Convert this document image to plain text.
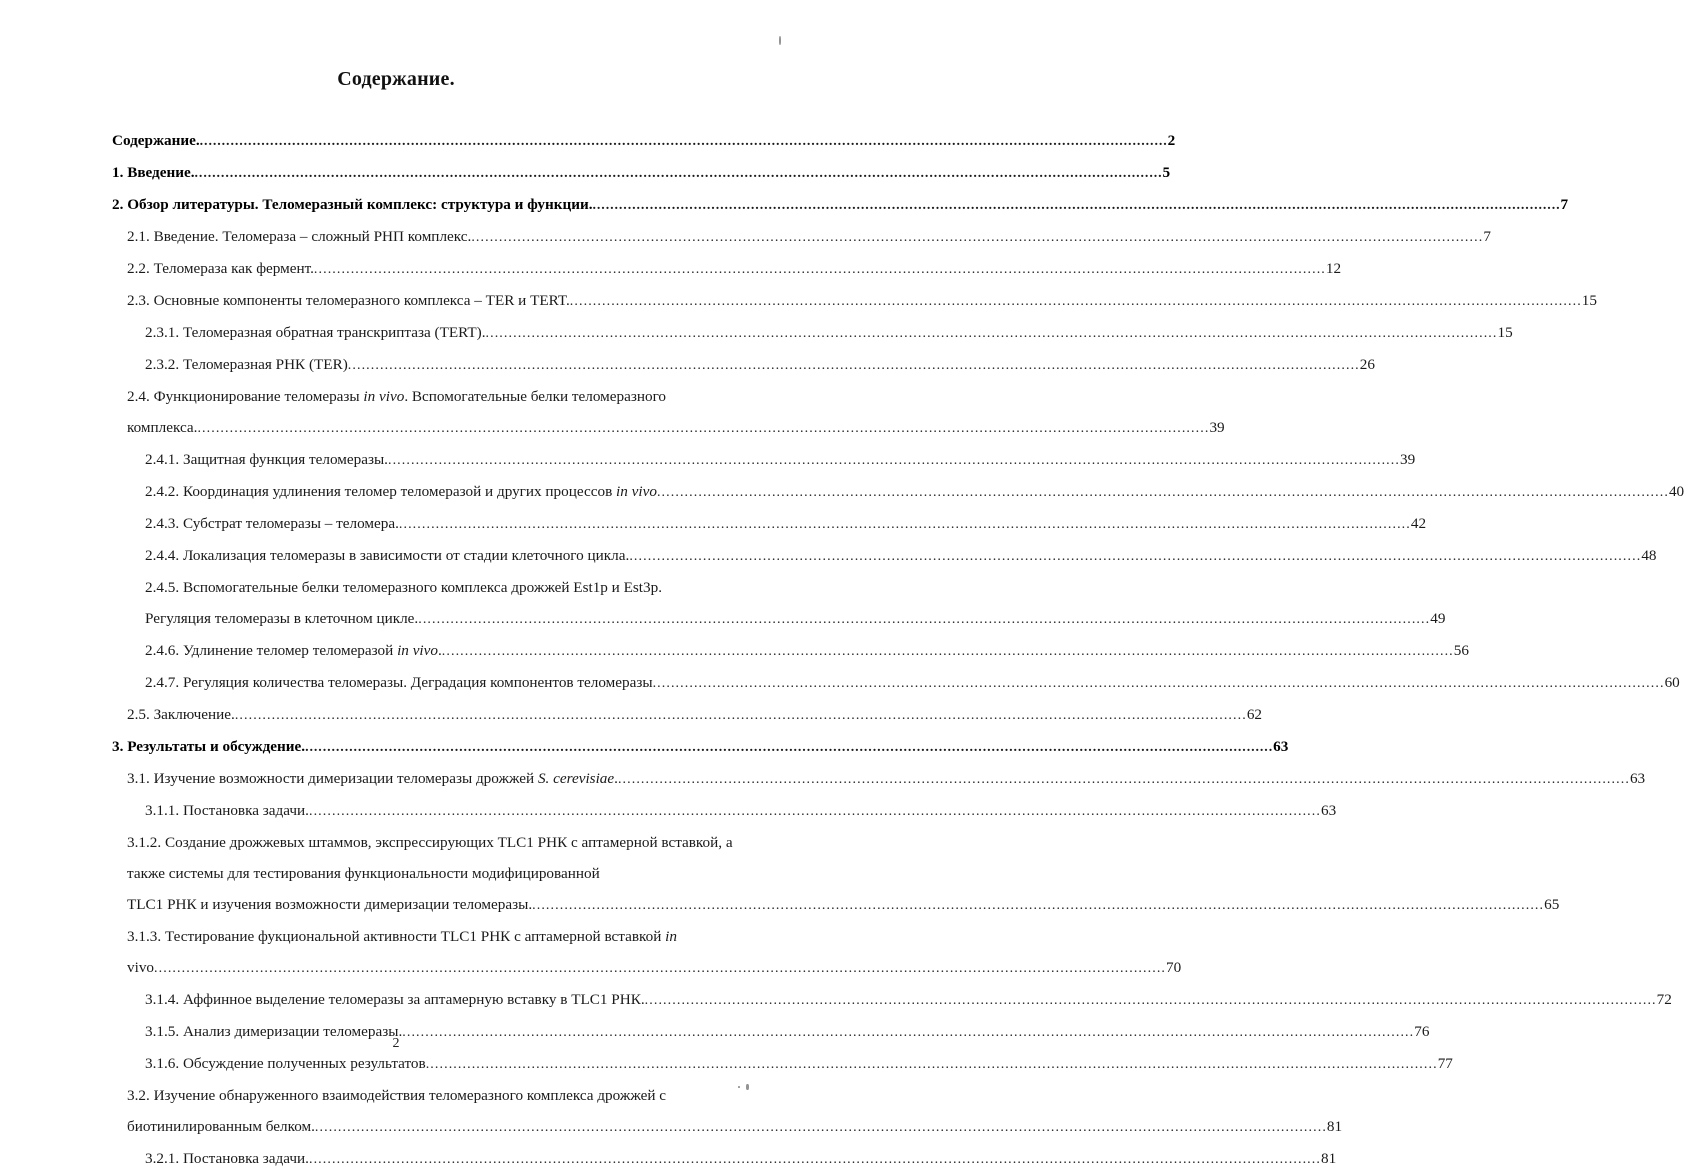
Содержание.
Содержание. ............................................................................................................................................................................................................................ 2
1. Введение. ............................................................................................................................................................................................................................ 5
2. Обзор литературы. Теломеразный комплекс: структура и функции. ............................................................................................................................................................................................................................ 7
2.1. Введение. Теломераза – сложный РНП комплекс. ............................................................................................................................................................................................................................ 7
2.2. Теломераза как фермент. ............................................................................................................................................................................................................................ 12
2.3. Основные компоненты теломеразного комплекса – TER и TERT. ............................................................................................................................................................................................................................ 15
2.3.1. Теломеразная обратная транскриптаза (TERT). ............................................................................................................................................................................................................................ 15
2.3.2. Теломеразная РНК (TER) ............................................................................................................................................................................................................................ 26
2.4. Функционирование теломеразы in vivo. Вспомогательные белки теломеразного
комплекса. ............................................................................................................................................................................................................................ 39
2.4.1. Защитная функция теломеразы. ............................................................................................................................................................................................................................ 39
2.4.2. Координация удлинения теломер теломеразой и других процессов in vivo ............................................................................................................................................................................................................................ 40
2.4.3. Субстрат теломеразы – теломера. ............................................................................................................................................................................................................................ 42
2.4.4. Локализация теломеразы в зависимости от стадии клеточного цикла. ............................................................................................................................................................................................................................ 48
2.4.5. Вспомогательные белки теломеразного комплекса дрожжей Est1p и Est3p.
Регуляция теломеразы в клеточном цикле. ............................................................................................................................................................................................................................ 49
2.4.6. Удлинение теломер теломеразой in vivo. ............................................................................................................................................................................................................................ 56
2.4.7. Регуляция количества теломеразы. Деградация компонентов теломеразы ............................................................................................................................................................................................................................ 60
2.5. Заключение. ............................................................................................................................................................................................................................ 62
3. Результаты и обсуждение. ............................................................................................................................................................................................................................ 63
3.1. Изучение возможности димеризации теломеразы дрожжей S. cerevisiae. ............................................................................................................................................................................................................................ 63
3.1.1. Постановка задачи. ............................................................................................................................................................................................................................ 63
3.1.2. Создание дрожжевых штаммов, экспрессирующих TLC1 РНК с аптамерной вставкой, а также системы для тестирования функциональности модифицированной
TLC1 РНК и изучения возможности димеризации теломеразы. ............................................................................................................................................................................................................................ 65
3.1.3. Тестирование фукциональной активности TLC1 РНК с аптамерной вставкой in
vivo ............................................................................................................................................................................................................................ 70
3.1.4. Аффинное выделение теломеразы за аптамерную вставку в TLC1 РНК. ............................................................................................................................................................................................................................ 72
3.1.5. Анализ димеризации теломеразы. ............................................................................................................................................................................................................................ 76
3.1.6. Обсуждение полученных результатов ............................................................................................................................................................................................................................ 77
3.2. Изучение обнаруженного взаимодействия теломеразного комплекса дрожжей с
биотинилированным белком. ............................................................................................................................................................................................................................ 81
3.2.1. Постановка задачи. ............................................................................................................................................................................................................................ 81
2
